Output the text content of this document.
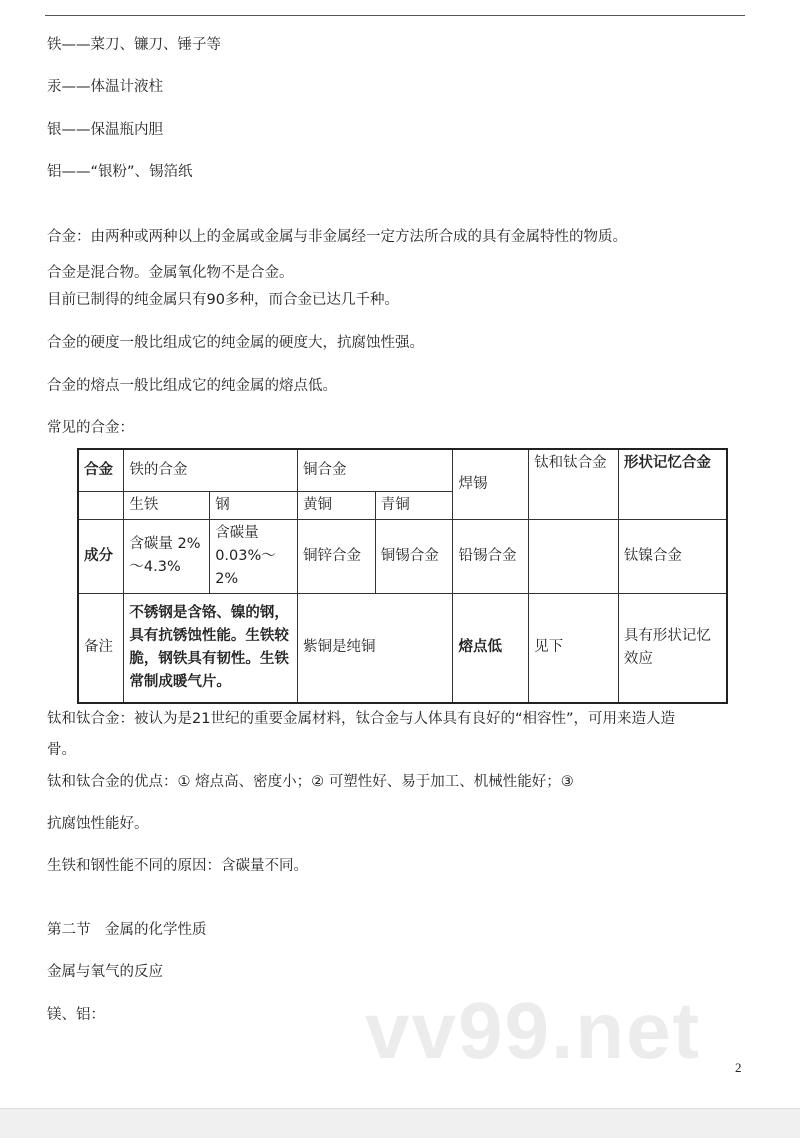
铁——菜刀、镰刀、锤子等
汞——体温计液柱
银——保温瓶内胆
铝——“银粉”、锡箔纸
合金：由两种或两种以上的金属或金属与非金属经一定方法所合成的具有金属特性的物质。
合金是混合物。金属氧化物不是合金。
目前已制得的纯金属只有90多种，而合金已达几千种。
合金的硬度一般比组成它的纯金属的硬度大，抗腐蚀性强。
合金的熔点一般比组成它的纯金属的熔点低。
常见的合金：
合金	铁的合金		铜合金		焊锡	钛和钛合金	形状记忆合金
	生铁	钢	黄铜	青铜			
成分	含碳量 2%～4.3%	含碳量 0.03%～2%	铜锌合金	铜锡合金	铅锡合金		钛镍合金
备注	不锈钢是含铬、镍的钢，具有抗锈蚀性能。生铁较脆，钢铁具有韧性。生铁常制成暖气片。		紫铜是纯铜		熔点低	见下	具有形状记忆效应
钛和钛合金：被认为是21世纪的重要金属材料，钛合金与人体具有良好的“相容性”，可用来造人造
骨。
钛和钛合金的优点：① 熔点高、密度小；② 可塑性好、易于加工、机械性能好；③
抗腐蚀性能好。
生铁和钢性能不同的原因：含碳量不同。
第二节　金属的化学性质
金属与氧气的反应
镁、铝：	vv99.net	2
